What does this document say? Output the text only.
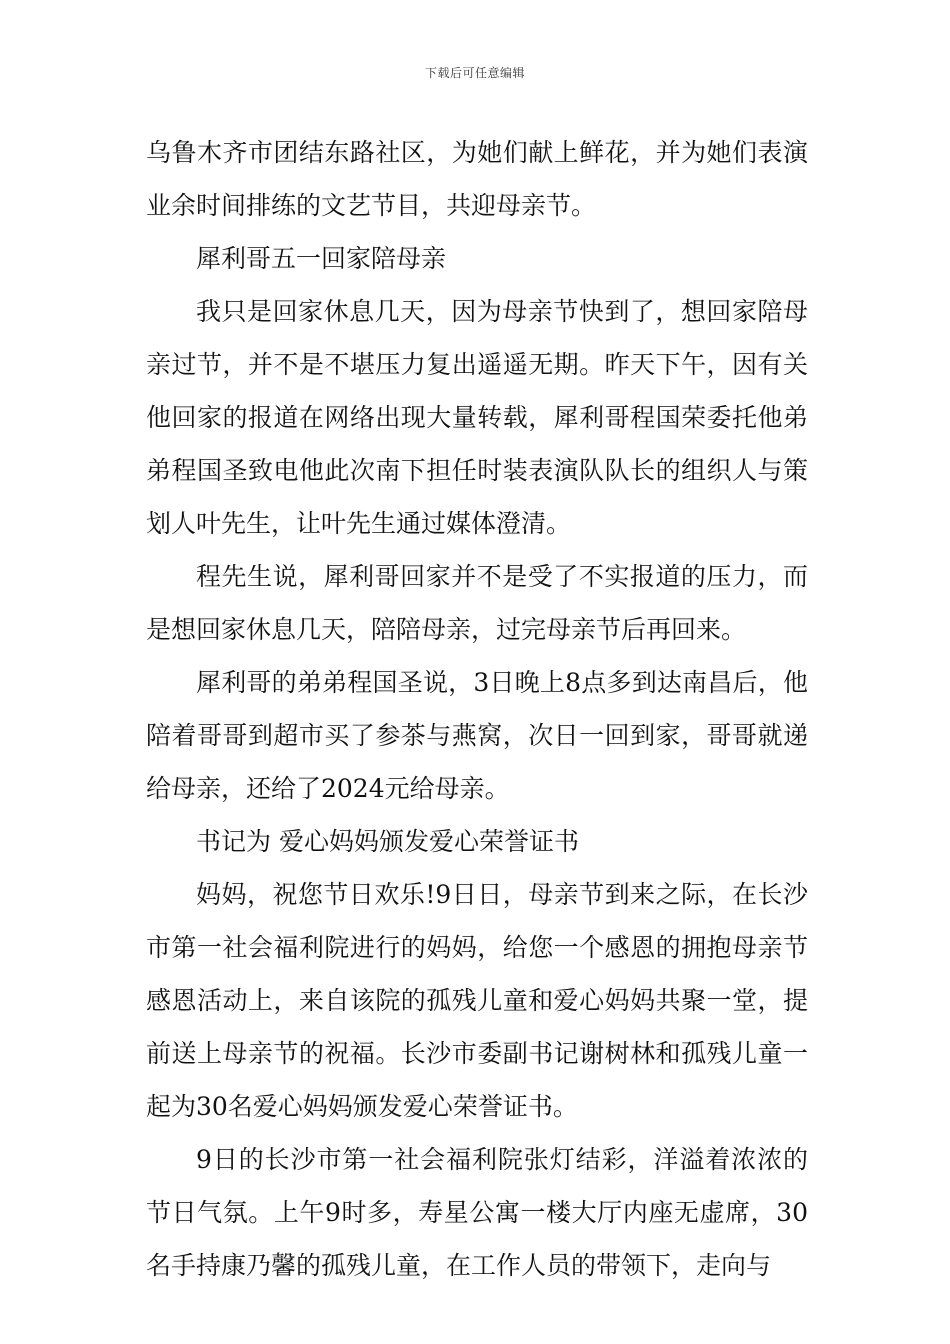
下载后可任意编辑

乌鲁木齐市团结东路社区，为她们献上鲜花，并为她们表演业余时间排练的文艺节目，共迎母亲节。

犀利哥五一回家陪母亲

我只是回家休息几天，因为母亲节快到了，想回家陪母亲过节，并不是不堪压力复出遥遥无期。昨天下午，因有关他回家的报道在网络出现大量转载，犀利哥程国荣委托他弟弟程国圣致电他此次南下担任时装表演队队长的组织人与策划人叶先生，让叶先生通过媒体澄清。

程先生说，犀利哥回家并不是受了不实报道的压力，而是想回家休息几天，陪陪母亲，过完母亲节后再回来。

犀利哥的弟弟程国圣说，3日晚上8点多到达南昌后，他陪着哥哥到超市买了参茶与燕窝，次日一回到家，哥哥就递给母亲，还给了2024元给母亲。

书记为 爱心妈妈颁发爱心荣誉证书

妈妈，祝您节日欢乐!9日日，母亲节到来之际，在长沙市第一社会福利院进行的妈妈，给您一个感恩的拥抱母亲节感恩活动上，来自该院的孤残儿童和爱心妈妈共聚一堂，提前送上母亲节的祝福。长沙市委副书记谢树林和孤残儿童一起为30名爱心妈妈颁发爱心荣誉证书。

9日的长沙市第一社会福利院张灯结彩，洋溢着浓浓的节日气氛。上午9时多，寿星公寓一楼大厅内座无虚席，30名手持康乃馨的孤残儿童，在工作人员的带领下，走向与
